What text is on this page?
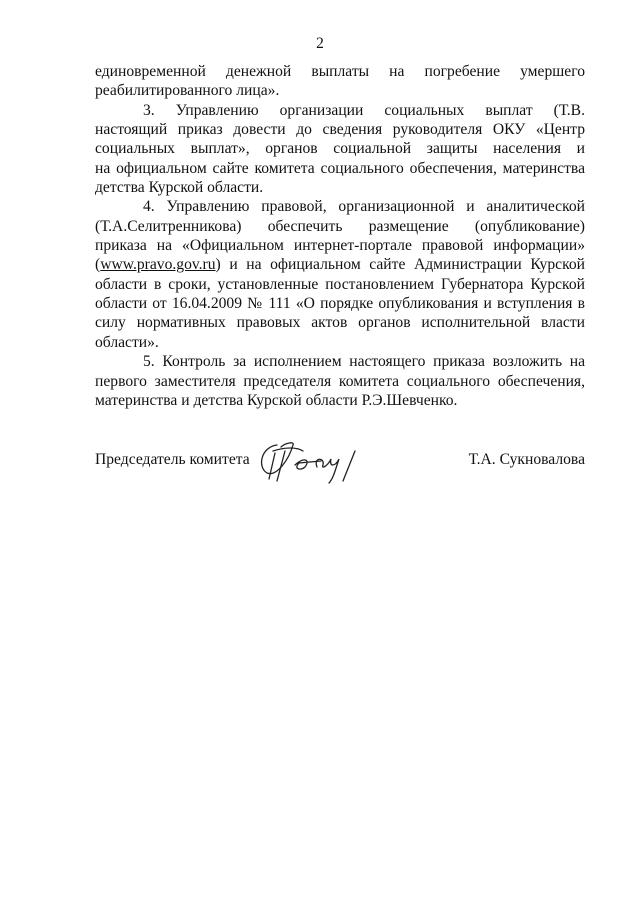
2
единовременной денежной выплаты на погребение умершего
реабилитированного лица».
3. Управлению организации социальных выплат (Т.В.
настоящий приказ довести до сведения руководителя ОКУ «Центр
социальных выплат», органов социальной защиты населения и
на официальном сайте комитета социального обеспечения, материнства
детства Курской области.
4. Управлению правовой, организационной и аналитической
(Т.А.Селитренникова) обеспечить размещение (опубликование)
приказа на «Официальном интернет-портале правовой информации»
(www.pravo.gov.ru) и на официальном сайте Администрации Курской
области в сроки, установленные постановлением Губернатора Курской
области от 16.04.2009 № 111 «О порядке опубликования и вступления в
силу нормативных правовых актов органов исполнительной власти
области».
5. Контроль за исполнением настоящего приказа возложить на
первого заместителя председателя комитета социального обеспечения,
материнства и детства Курской области Р.Э.Шевченко.
Председатель комитета	Т.А. Сукновалова
